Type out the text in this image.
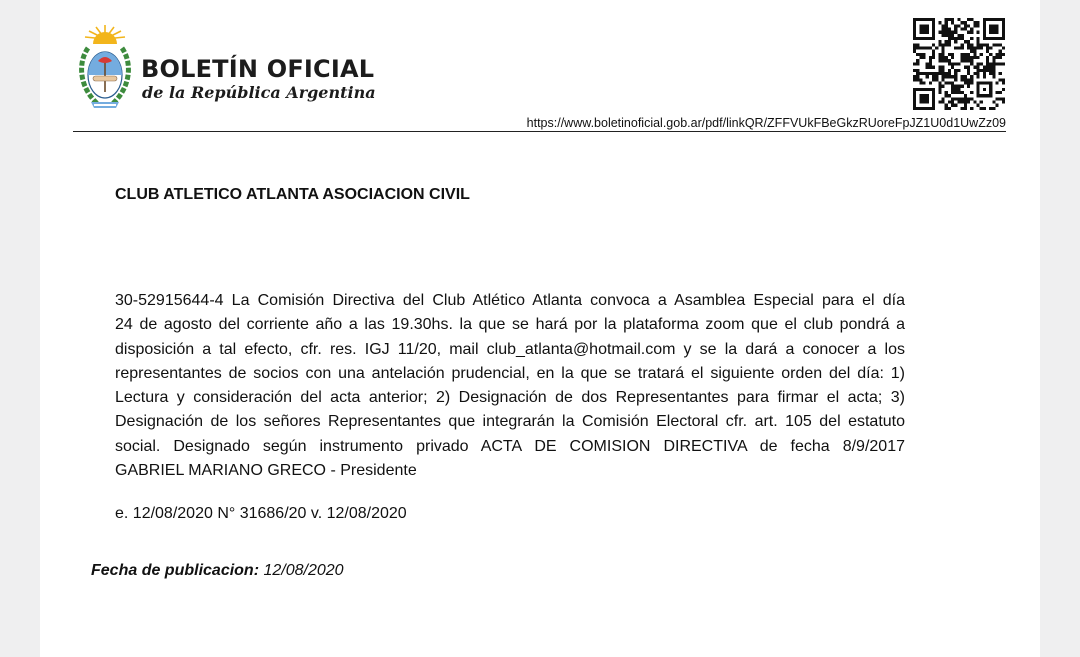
BOLETÍN OFICIAL
de la República Argentina
https://www.boletinoficial.gob.ar/pdf/linkQR/ZFFVUkFBeGkzRUoreFpJZ1U0d1UwZz09
CLUB ATLETICO ATLANTA ASOCIACION CIVIL
30-52915644-4 La Comisión Directiva del Club Atlético Atlanta convoca a Asamblea Especial para el día
24 de agosto del corriente año a las 19.30hs. la que se hará por la plataforma zoom que el club pondrá a
disposición a tal efecto, cfr. res. IGJ 11/20, mail club_atlanta@hotmail.com y se la dará a conocer a los
representantes de socios con una antelación prudencial, en la que se tratará el siguiente orden del día: 1)
Lectura y consideración del acta anterior; 2) Designación de dos Representantes para firmar el acta; 3)
Designación de los señores Representantes que integrarán la Comisión Electoral cfr. art. 105 del estatuto
social. Designado según instrumento privado ACTA DE COMISION DIRECTIVA de fecha 8/9/2017
GABRIEL MARIANO GRECO - Presidente
e. 12/08/2020 N° 31686/20 v. 12/08/2020
Fecha de publicacion: 12/08/2020
